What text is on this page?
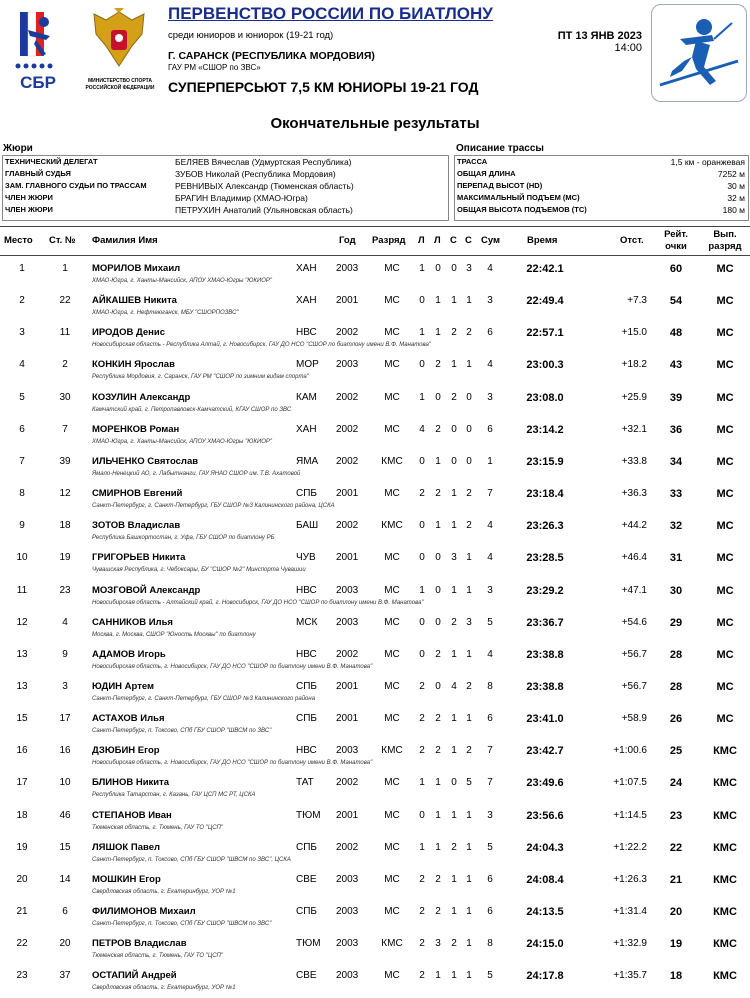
СБР	МИНИСТЕРСТВО СПОРТА РОССИЙСКОЙ ФЕДЕРАЦИИ
ПЕРВЕНСТВО РОССИИ ПО БИАТЛОНУ
среди юниоров и юниорок (19-21 год)
Г. САРАНСК (РЕСПУБЛИКА МОРДОВИЯ)
ГАУ РМ «СШОР по ЗВС»
СУПЕРПЕРСЬЮТ 7,5 КМ ЮНИОРЫ 19-21 ГОД
ПТ 13 ЯНВ 2023
14:00
Окончательные результаты
Жюри
ТЕХНИЧЕСКИЙ ДЕЛЕГАТ	БЕЛЯЕВ Вячеслав (Удмуртская Республика)
ГЛАВНЫЙ СУДЬЯ	ЗУБОВ Николай (Республика Мордовия)
ЗАМ. ГЛАВНОГО СУДЬИ ПО ТРАССАМ	РЕВНИВЫХ Александр (Тюменская область)
ЧЛЕН ЖЮРИ	БРАГИН Владимир (ХМАО-Югра)
ЧЛЕН ЖЮРИ	ПЕТРУХИН Анатолий (Ульяновская область)
Описание трассы
ТРАССА	1,5 км - оранжевая
ОБЩАЯ ДЛИНА	7252 м
ПЕРЕПАД ВЫСОТ (HD)	30 м
МАКСИМАЛЬНЫЙ ПОДЪЕМ (МС)	32 м
ОБЩАЯ ВЫСОТА ПОДЪЕМОВ (ТС)	180 м
Место Ст. № Фамилия Имя	Год Разряд Л Л С С Сум	Время	Отст.
Рейт. очки
Вып. разряд
1	1	МОРИЛОВ Михаил	ХАН	2003	МС	1	0	0 3	4	22:42.1	60	МС
ХМАО-Югра, г. Ханты-Мансийск, АПОУ ХМАО-Югры "ЮКИОР"
2	22	АЙКАШЕВ Никита	ХАН	2001	МС	0	1	1 1	3	22:49.4	+7.3	54	МС
ХМАО-Югра, г. Нефтеюганск, МБУ "СШОРПОЗВС"
3	11	ИРОДОВ Денис	НВС	2002	МС	1	1	2 2	6	22:57.1	+15.0	48	МС
Новосибирская область - Республика Алтай, г. Новосибирск, ГАУ ДО НСО "СШОР по биатлону имени В.Ф. Манатова"
4	2	КОНКИН Ярослав	МОР	2003	МС	0	2	1 1	4	23:00.3	+18.2	43	МС
Республика Мордовия, г. Саранск, ГАУ РМ "СШОР по зимним видам спорта"
5	30	КОЗУЛИН Александр	КАМ	2002	МС	1	0	2 0	3	23:08.0	+25.9	39	МС
Камчатский край, г. Петропавловск-Камчатский, КГАУ СШОР по ЗВС
6	7	МОРЕНКОВ Роман	ХАН	2002	МС	4	2	0 0	6	23:14.2	+32.1	36	МС
ХМАО-Югра, г. Ханты-Мансийск, АПОУ ХМАО-Югры "ЮКИОР"
7	39	ИЛЬЧЕНКО Святослав	ЯМА	2002	КМС	0	1	0 0	1	23:15.9	+33.8	34	МС
Ямало-Ненецкий АО, г. Лабытнанги, ГАУ ЯНАО СШОР им. Т.В. Ахатовой
8	12	СМИРНОВ Евгений	СПБ	2001	МС	2	2	1 2	7	23:18.4	+36.3	33	МС
Санкт-Петербург, г. Санкт-Петербург, ГБУ СШОР №3 Калининского района, ЦСКА
9	18	ЗОТОВ Владислав	БАШ	2002	КМС	0	1	1 2	4	23:26.3	+44.2	32	МС
Республика Башкортостан, г. Уфа, ГБУ СШОР по биатлону РБ
10	19	ГРИГОРЬЕВ Никита	ЧУВ	2001	МС	0	0	3 1	4	23:28.5	+46.4	31	МС
Чувашская Республика, г. Чебоксары, БУ "СШОР №2" Минспорта Чувашии
11	23	МОЗГОВОЙ Александр	НВС	2003	МС	1	0	1 1	3	23:29.2	+47.1	30	МС
Новосибирская область - Алтайский край, г. Новосибирск, ГАУ ДО НСО "СШОР по биатлону имени В.Ф. Манатова"
12	4	САННИКОВ Илья	МСК	2003	МС	0	0	2 3	5	23:36.7	+54.6	29	МС
Москва, г. Москва, СШОР "Юность Москвы" по биатлону
13	9	АДАМОВ Игорь	НВС	2002	МС	0	2	1 1	4	23:38.8	+56.7	28	МС
Новосибирская область, г. Новосибирск, ГАУ ДО НСО "СШОР по биатлону имени В.Ф. Манатова"
13	3	ЮДИН Артем	СПБ	2001	МС	2	0	4 2	8	23:38.8	+56.7	28	МС
Санкт-Петербург, г. Санкт-Петербург, ГБУ СШОР №3 Калининского района
15	17	АСТАХОВ Илья	СПБ	2001	МС	2	2	1 1	6	23:41.0	+58.9	26	МС
Санкт-Петербург, п. Токсово, СПб ГБУ СШОР "ШВСМ по ЗВС"
16	16	ДЗЮБИН Егор	НВС	2003	КМС	2	2	1 2	7	23:42.7	+1:00.6	25	КМС
Новосибирская область, г. Новосибирск, ГАУ ДО НСО "СШОР по биатлону имени В.Ф. Манатова"
17	10	БЛИНОВ Никита	ТАТ	2002	МС	1	1	0 5	7	23:49.6	+1:07.5	24	КМС
Республика Татарстан, г. Казань, ГАУ ЦСП МС РТ, ЦСКА
18	46	СТЕПАНОВ Иван	ТЮМ	2001	МС	0	1	1 1	3	23:56.6	+1:14.5	23	КМС
Тюменская область, г. Тюмень, ГАУ ТО "ЦСП"
19	15	ЛЯШОК Павел	СПБ	2002	МС	1	1	2 1	5	24:04.3	+1:22.2	22	КМС
Санкт-Петербург, п. Токсово, СПб ГБУ СШОР "ШВСМ по ЗВС", ЦСКА
20	14	МОШКИН Егор	СВЕ	2003	МС	2	2	1 1	6	24:08.4	+1:26.3	21	КМС
Свердловская область, г. Екатеринбург, УОР №1
21	6	ФИЛИМОНОВ Михаил	СПБ	2003	МС	2	2	1 1	6	24:13.5	+1:31.4	20	КМС
Санкт-Петербург, п. Токсово, СПб ГБУ СШОР "ШВСМ по ЗВС"
22	20	ПЕТРОВ Владислав	ТЮМ	2003	КМС	2	3	2 1	8	24:15.0	+1:32.9	19	КМС
Тюменская область, г. Тюмень, ГАУ ТО "ЦСП"
23	37	ОСТАПИЙ Андрей	СВЕ	2003	МС	2	1	1 1	5	24:17.8	+1:35.7	18	КМС
Свердловская область, г. Екатеринбург, УОР №1
